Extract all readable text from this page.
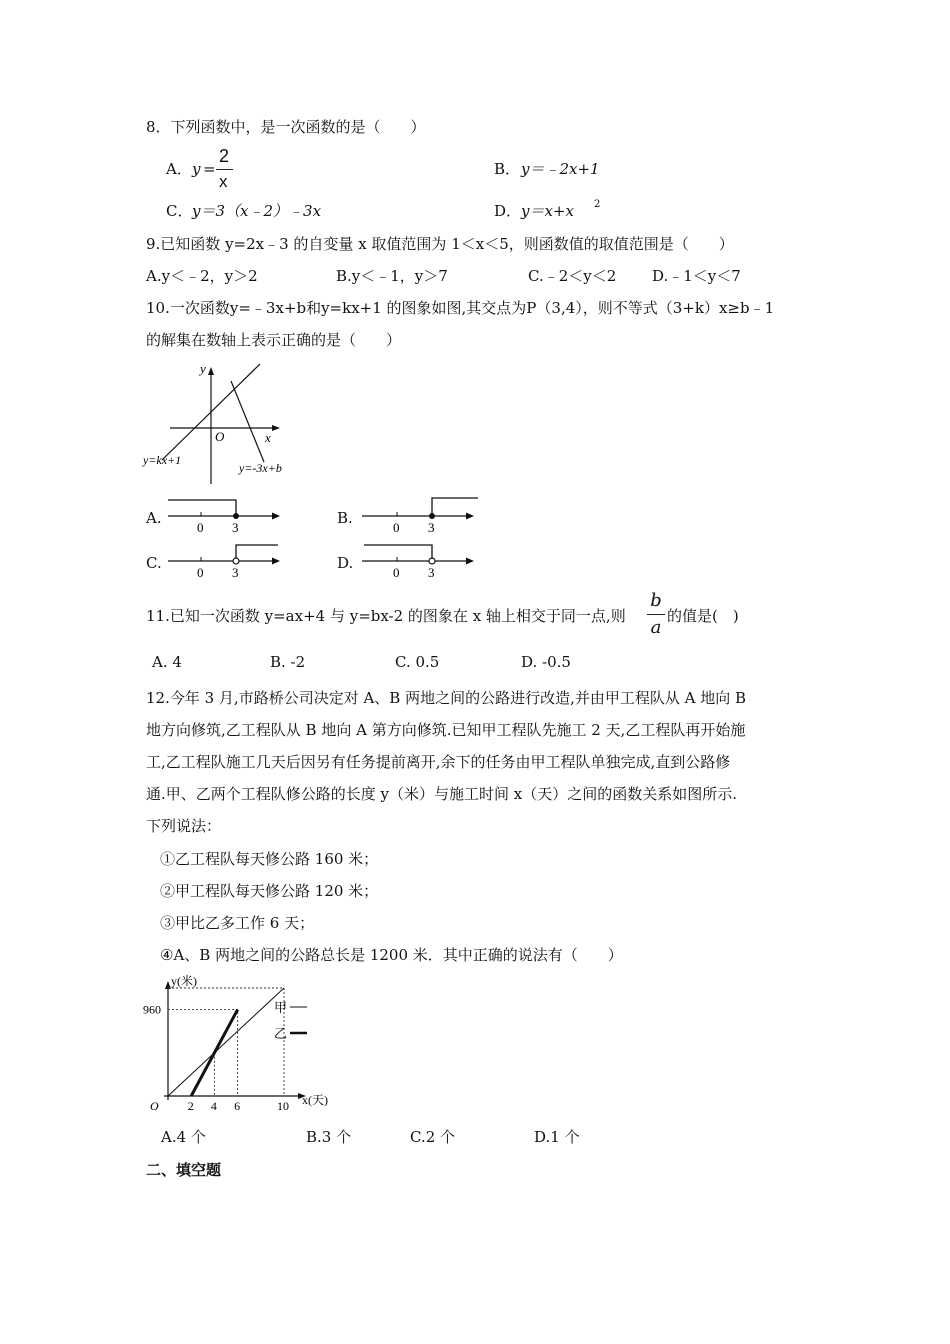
8．下列函数中，是一次函数的是（　　）
A． y =
2
x
B． y＝﹣2x+1
C． y＝3（x﹣2）﹣3x	D． y＝x+x 2
9.已知函数 y=2x﹣3 的自变量 x 取值范围为 1＜x＜5，则函数值的取值范围是（　　）
A.y＜﹣2，y＞2	B.y＜﹣1，y＞7	C.﹣2＜y＜2 D.﹣1＜y＜7
10.一次函数y=﹣3x+b和y=kx+1 的图象如图,其交点为P（3,4），则不等式（3+k）x≥b﹣1
的解集在数轴上表示正确的是（　　）
y
x
O
y=kx+1
y=-3x+b
A.
0 3
B.
0 3
C.
0 3
D.
0 3
11.已知一次函数 y=ax+4 与 y=bx-2 的图象在 x 轴上相交于同一点,则
b
a
的值是(　)
A. 4	B. -2	C. 0.5	D. -0.5
12.今年 3 月,市路桥公司决定对 A、B 两地之间的公路进行改造,并由甲工程队从 A 地向 B
地方向修筑,乙工程队从 B 地向 A 第方向修筑.已知甲工程队先施工 2 天,乙工程队再开始施
工,乙工程队施工几天后因另有任务提前离开,余下的任务由甲工程队单独完成,直到公路修
通.甲、乙两个工程队修公路的长度 y（米）与施工时间 x（天）之间的函数关系如图所示.
下列说法：
①乙工程队每天修公路 160 米；
②甲工程队每天修公路 120 米；
③甲比乙多工作 6 天；
④A、B 两地之间的公路总长是 1200 米．其中正确的说法有（　　）
2 4 6	10
960
O
y(米)
x(天)
甲
乙
A.4 个	B.3 个	C.2 个	D.1 个
二、填空题
